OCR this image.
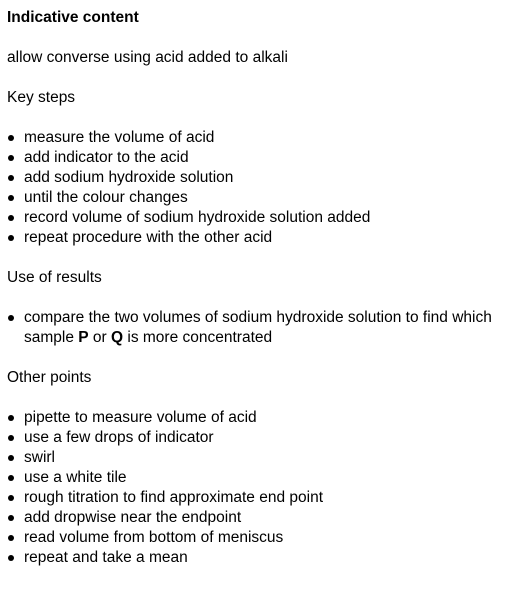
Indicative content
allow converse using acid added to alkali
Key steps
measure the volume of acid
add indicator to the acid
add sodium hydroxide solution
until the colour changes
record volume of sodium hydroxide solution added
repeat procedure with the other acid
Use of results
compare the two volumes of sodium hydroxide solution to find which sample P or Q is more concentrated
Other points
pipette to measure volume of acid
use a few drops of indicator
swirl
use a white tile
rough titration to find approximate end point
add dropwise near the endpoint
read volume from bottom of meniscus
repeat and take a mean
